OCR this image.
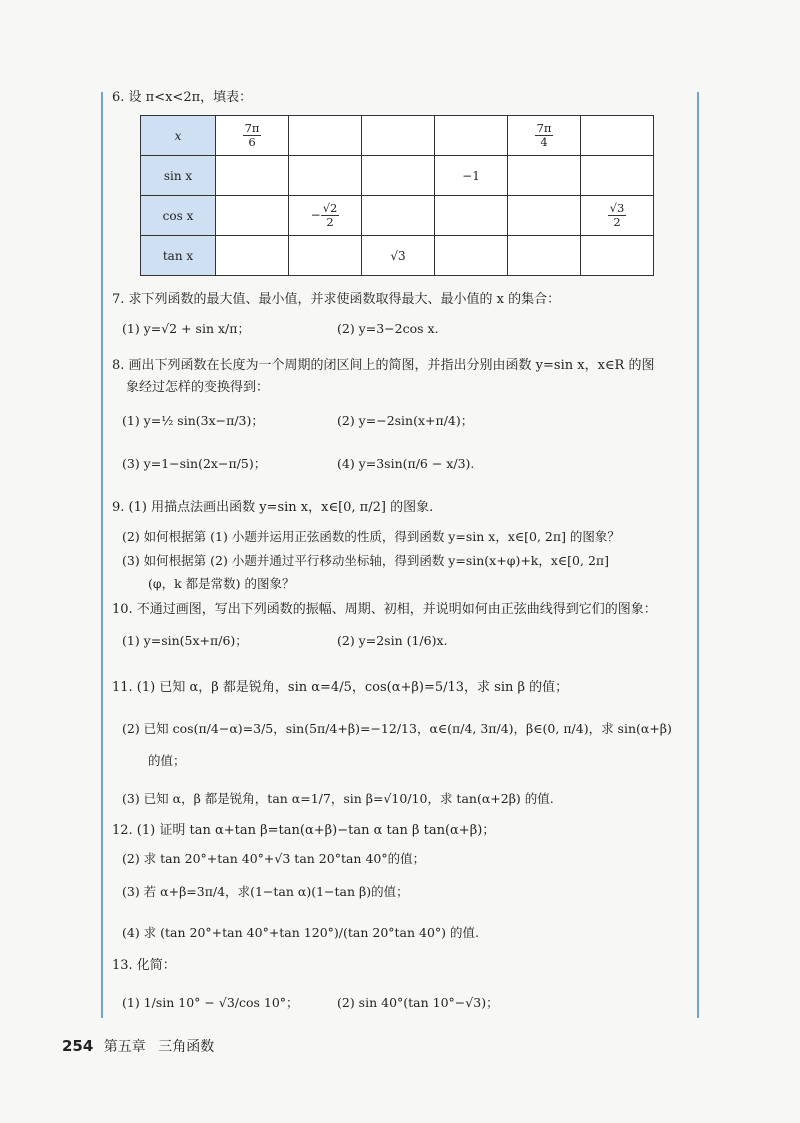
6. 设 π<x<2π，填表：
x	$\frac{7\pi}{6}$				$\frac{7\pi}{4}$

sin x				−1		
cos x		− $\frac{√2}{2}$				$\frac{√3}{2}$

tan x			√3			
7. 求下列函数的最大值、最小值，并求使函数取得最大、最小值的 x 的集合：
(1) y=√2 + sin x/π；	(2) y=3−2cos x.
8. 画出下列函数在长度为一个周期的闭区间上的简图，并指出分别由函数 y=sin x，x∈R 的图
象经过怎样的变换得到：
(1) y=½ sin(3x−π/3)；	(2) y=−2sin(x+π/4)；
(3) y=1−sin(2x−π/5)；	(4) y=3sin(π/6 − x/3).
9. (1) 用描点法画出函数 y=sin x，x∈[0, π/2] 的图象.
(2) 如何根据第 (1) 小题并运用正弦函数的性质，得到函数 y=sin x，x∈[0, 2π] 的图象？
(3) 如何根据第 (2) 小题并通过平行移动坐标轴，得到函数 y=sin(x+φ)+k，x∈[0, 2π]
(φ，k 都是常数) 的图象？
10. 不通过画图，写出下列函数的振幅、周期、初相，并说明如何由正弦曲线得到它们的图象：
(1) y=sin(5x+π/6)；	(2) y=2sin (1/6)x.
11. (1) 已知 α，β 都是锐角，sin α=4/5，cos(α+β)=5/13，求 sin β 的值；
(2) 已知 cos(π/4−α)=3/5，sin(5π/4+β)=−12/13，α∈(π/4, 3π/4)，β∈(0, π/4)，求 sin(α+β)
的值；
(3) 已知 α，β 都是锐角，tan α=1/7，sin β=√10/10，求 tan(α+2β) 的值.
12. (1) 证明 tan α+tan β=tan(α+β)−tan α tan β tan(α+β)；
(2) 求 tan 20°+tan 40°+√3 tan 20°tan 40°的值；
(3) 若 α+β=3π/4，求(1−tan α)(1−tan β)的值；
(4) 求 (tan 20°+tan 40°+tan 120°)/(tan 20°tan 40°) 的值.
13. 化简：
(1) 1/sin 10° − √3/cos 10°；	(2) sin 40°(tan 10°−√3)；
254 第五章 三角函数
